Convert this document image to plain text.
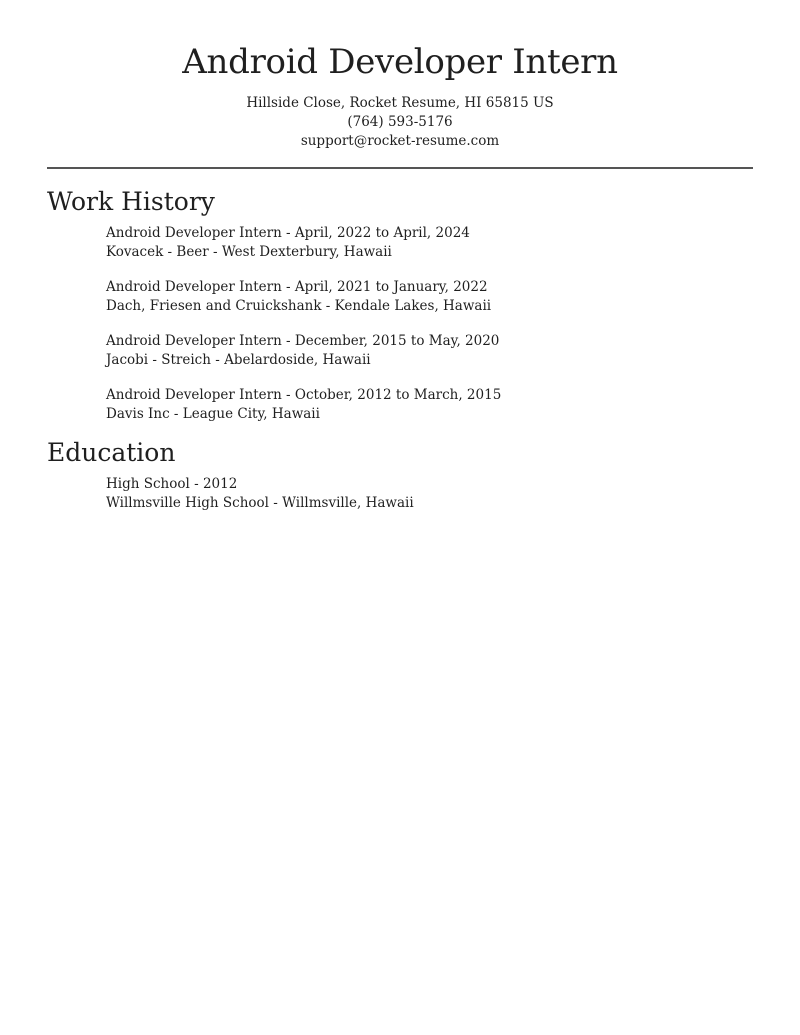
Android Developer Intern
Hillside Close, Rocket Resume, HI 65815 US
(764) 593-5176
support@rocket-resume.com
Work History
Android Developer Intern - April, 2022 to April, 2024
Kovacek - Beer - West Dexterbury, Hawaii
Android Developer Intern - April, 2021 to January, 2022
Dach, Friesen and Cruickshank - Kendale Lakes, Hawaii
Android Developer Intern - December, 2015 to May, 2020
Jacobi - Streich - Abelardoside, Hawaii
Android Developer Intern - October, 2012 to March, 2015
Davis Inc - League City, Hawaii
Education
High School - 2012
Willmsville High School - Willmsville, Hawaii
